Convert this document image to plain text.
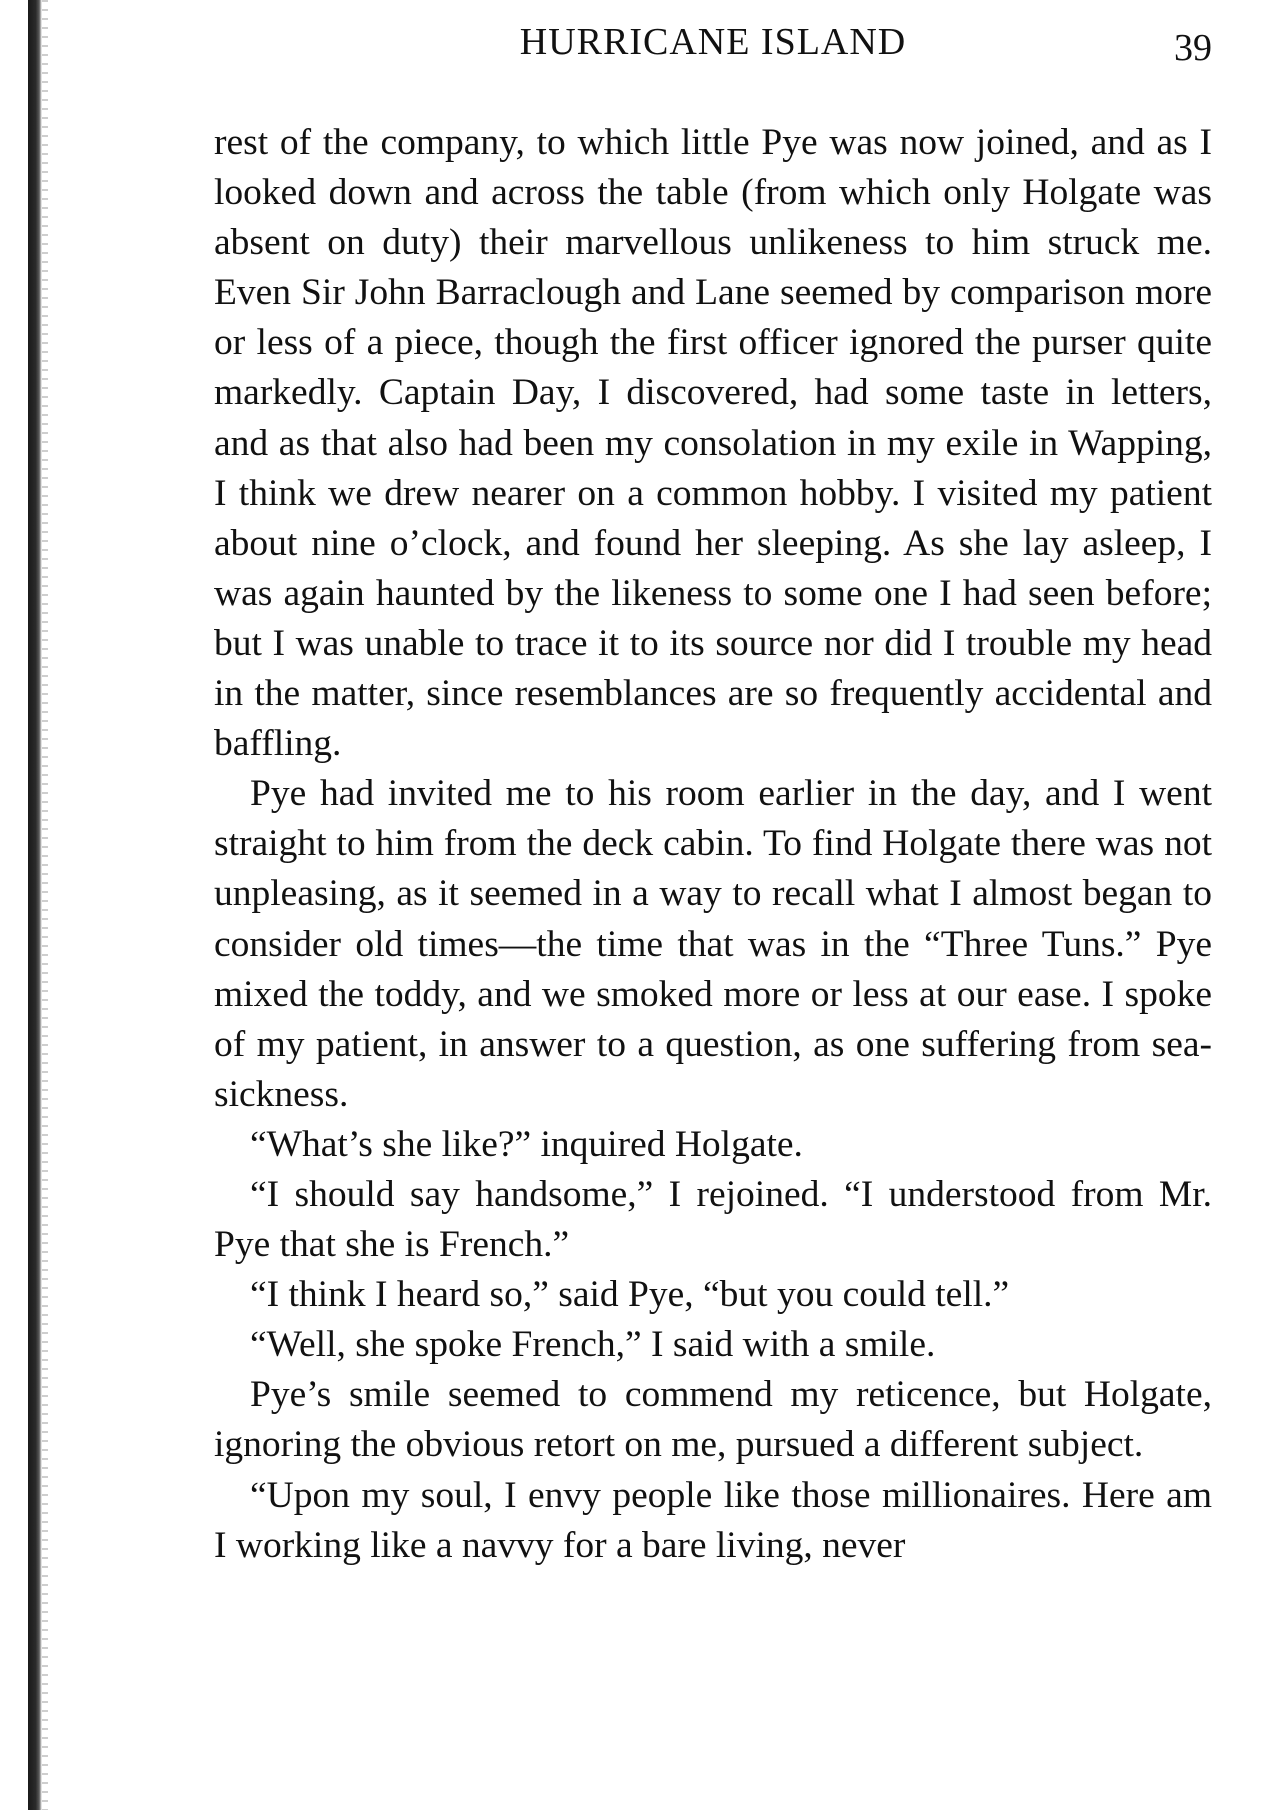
HURRICANE ISLAND	39

rest of the company, to which little Pye was now joined, and as I looked down and across the table (from which only Holgate was absent on duty) their marvellous unlikeness to him struck me. Even Sir John Barraclough and Lane seemed by comparison more or less of a piece, though the first officer ignored the purser quite markedly. Captain Day, I discovered, had some taste in letters, and as that also had been my consolation in my exile in Wapping, I think we drew nearer on a common hobby. I visited my patient about nine o’clock, and found her sleeping. As she lay asleep, I was again haunted by the likeness to some one I had seen before; but I was unable to trace it to its source nor did I trouble my head in the matter, since resemblances are so frequently accidental and baffling.

Pye had invited me to his room earlier in the day, and I went straight to him from the deck cabin. To find Holgate there was not unpleasing, as it seemed in a way to recall what I almost began to consider old times—the time that was in the “Three Tuns.” Pye mixed the toddy, and we smoked more or less at our ease. I spoke of my patient, in answer to a question, as one suffering from sea-sickness.

“What’s she like?” inquired Holgate.

“I should say handsome,” I rejoined. “I understood from Mr. Pye that she is French.”

“I think I heard so,” said Pye, “but you could tell.”

“Well, she spoke French,” I said with a smile.

Pye’s smile seemed to commend my reticence, but Holgate, ignoring the obvious retort on me, pursued a different subject.

“Upon my soul, I envy people like those millionaires. Here am I working like a navvy for a bare living, never
